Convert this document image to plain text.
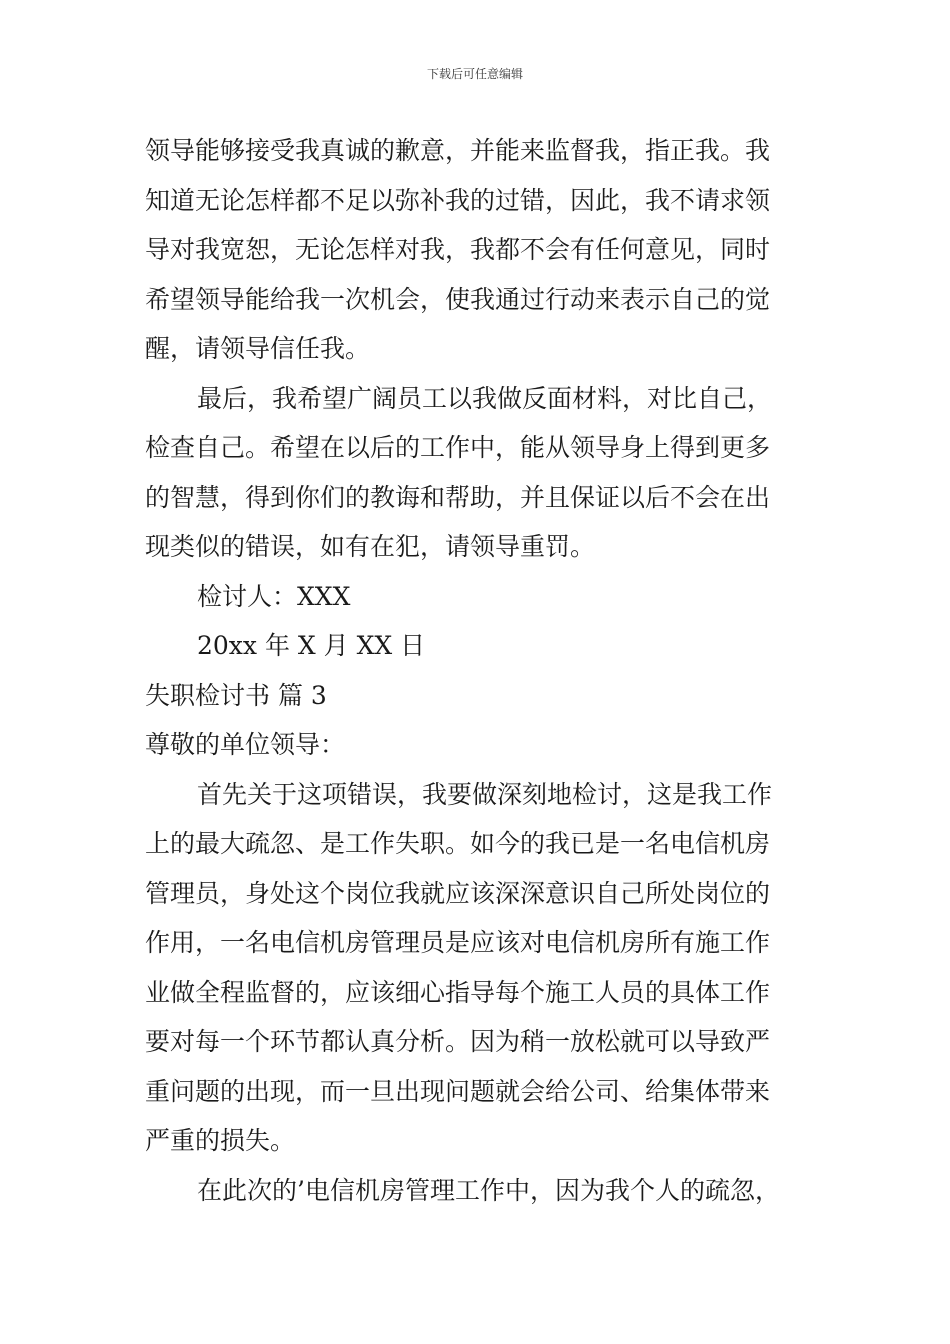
下载后可任意编辑
领导能够接受我真诚的歉意，并能来监督我，指正我。我
知道无论怎样都不足以弥补我的过错，因此，我不请求领
导对我宽恕，无论怎样对我，我都不会有任何意见，同时
希望领导能给我一次机会，使我通过行动来表示自己的觉
醒，请领导信任我。
最后，我希望广阔员工以我做反面材料，对比自己，
检查自己。希望在以后的工作中，能从领导身上得到更多
的智慧，得到你们的教诲和帮助，并且保证以后不会在出
现类似的错误，如有在犯，请领导重罚。
检讨人：XXX
20xx 年 X 月 XX 日
失职检讨书 篇 3
尊敬的单位领导：
首先关于这项错误，我要做深刻地检讨，这是我工作
上的最大疏忽、是工作失职。如今的我已是一名电信机房
管理员，身处这个岗位我就应该深深意识自己所处岗位的
作用，一名电信机房管理员是应该对电信机房所有施工作
业做全程监督的，应该细心指导每个施工人员的具体工作
要对每一个环节都认真分析。因为稍一放松就可以导致严
重问题的出现，而一旦出现问题就会给公司、给集体带来
严重的损失。
在此次的’电信机房管理工作中，因为我个人的疏忽，
